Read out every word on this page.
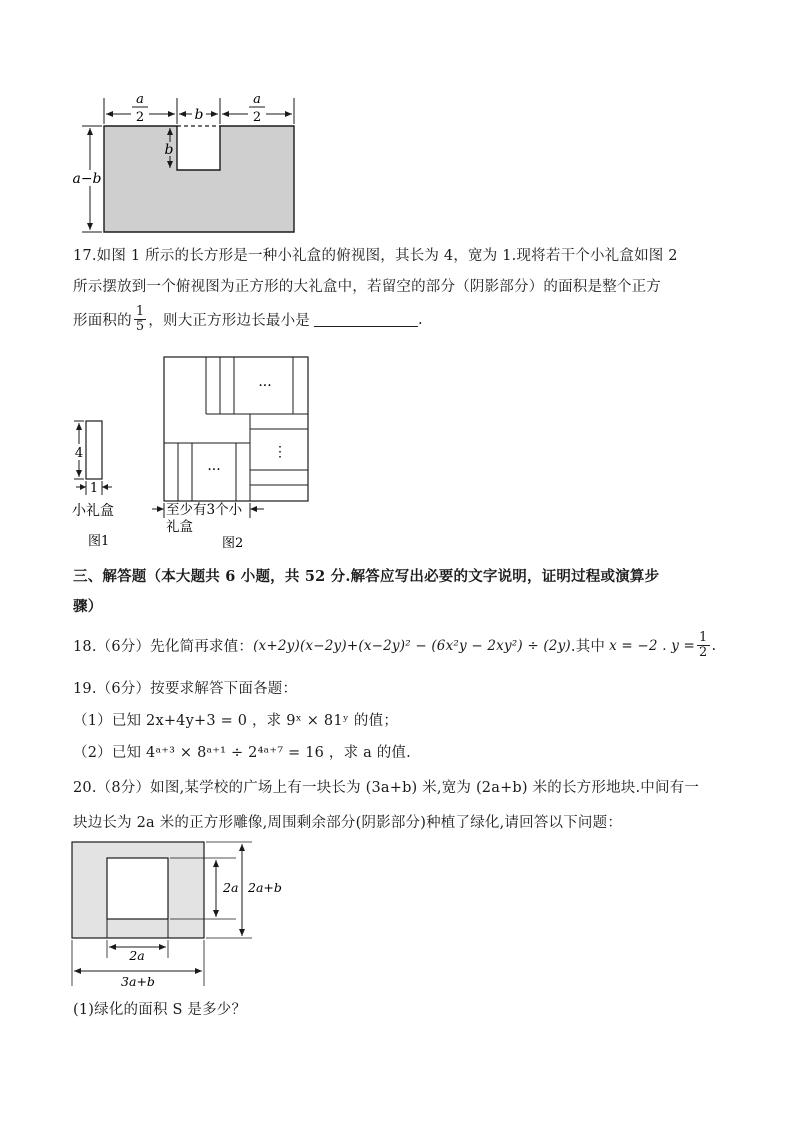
a
2	b
a
2
b
a−b
17.如图 1 所示的长方形是一种小礼盒的俯视图，其长为 4，宽为 1.现将若干个小礼盒如图 2
所示摆放到一个俯视图为正方形的大礼盒中，若留空的部分（阴影部分）的面积是整个正方
形面积的 $\frac{1}{5}$ ，则大正方形边长最小是	.
4
1
小礼盒
图1
···
···
⋮
至少有3个小
礼盒
图2
三、解答题（本大题共 6 小题，共 52 分.解答应写出必要的文字说明，证明过程或演算步
骤）
18.（6分）先化简再求值： (x+2y)(x−2y)+(x−2y)² − (6x²y − 2xy²) ÷ (2y) .其中 x = −2 . $y = \frac{1}{2}$ .
19.（6分）按要求解答下面各题：
（1）已知 2x+4y+3 = 0 ，求 9ˣ × 81ʸ 的值；
（2）已知 4ᵃ⁺³ × 8ᵃ⁺¹ ÷ 2⁴ᵃ⁺⁷ = 16 ，求 a 的值.
20.（8分）如图,某学校的广场上有一块长为 (3a+b) 米,宽为 (2a+b) 米的长方形地块.中间有一
块边长为 2a 米的正方形雕像,周围剩余部分(阴影部分)种植了绿化,请回答以下问题：
2a 2a+b
2a
3a+b
(1)绿化的面积 S 是多少？
